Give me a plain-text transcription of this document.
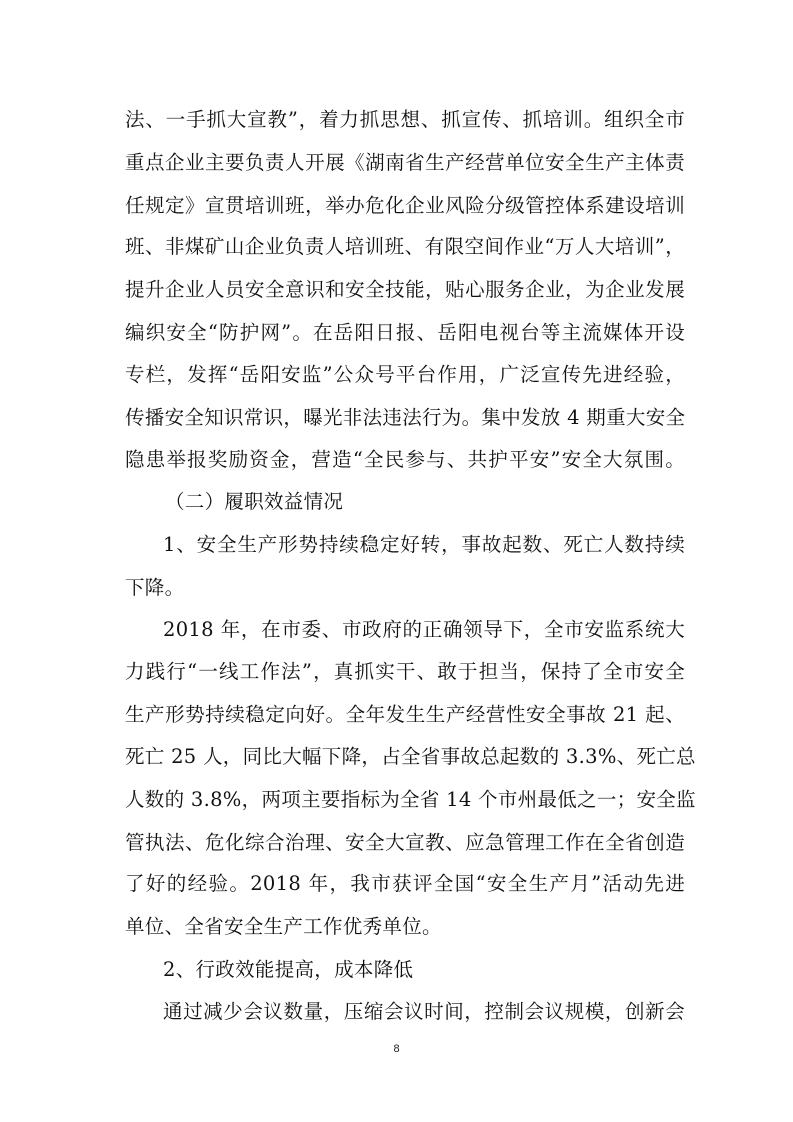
法、一手抓大宣教”，着力抓思想、抓宣传、抓培训。组织全市
重点企业主要负责人开展《湖南省生产经营单位安全生产主体责
任规定》宣贯培训班，举办危化企业风险分级管控体系建设培训
班、非煤矿山企业负责人培训班、有限空间作业“万人大培训”，
提升企业人员安全意识和安全技能，贴心服务企业，为企业发展
编织安全“防护网”。在岳阳日报、岳阳电视台等主流媒体开设
专栏，发挥“岳阳安监”公众号平台作用，广泛宣传先进经验，
传播安全知识常识，曝光非法违法行为。集中发放 4 期重大安全
隐患举报奖励资金，营造“全民参与、共护平安”安全大氛围。
（二）履职效益情况
1、安全生产形势持续稳定好转，事故起数、死亡人数持续
下降。
2018 年，在市委、市政府的正确领导下，全市安监系统大
力践行“一线工作法”，真抓实干、敢于担当，保持了全市安全
生产形势持续稳定向好。全年发生生产经营性安全事故 21 起、
死亡 25 人，同比大幅下降，占全省事故总起数的 3.3%、死亡总
人数的 3.8%，两项主要指标为全省 14 个市州最低之一；安全监
管执法、危化综合治理、安全大宣教、应急管理工作在全省创造
了好的经验。2018 年，我市获评全国“安全生产月”活动先进
单位、全省安全生产工作优秀单位。
2、行政效能提高，成本降低
8
通过减少会议数量，压缩会议时间，控制会议规模，创新会
